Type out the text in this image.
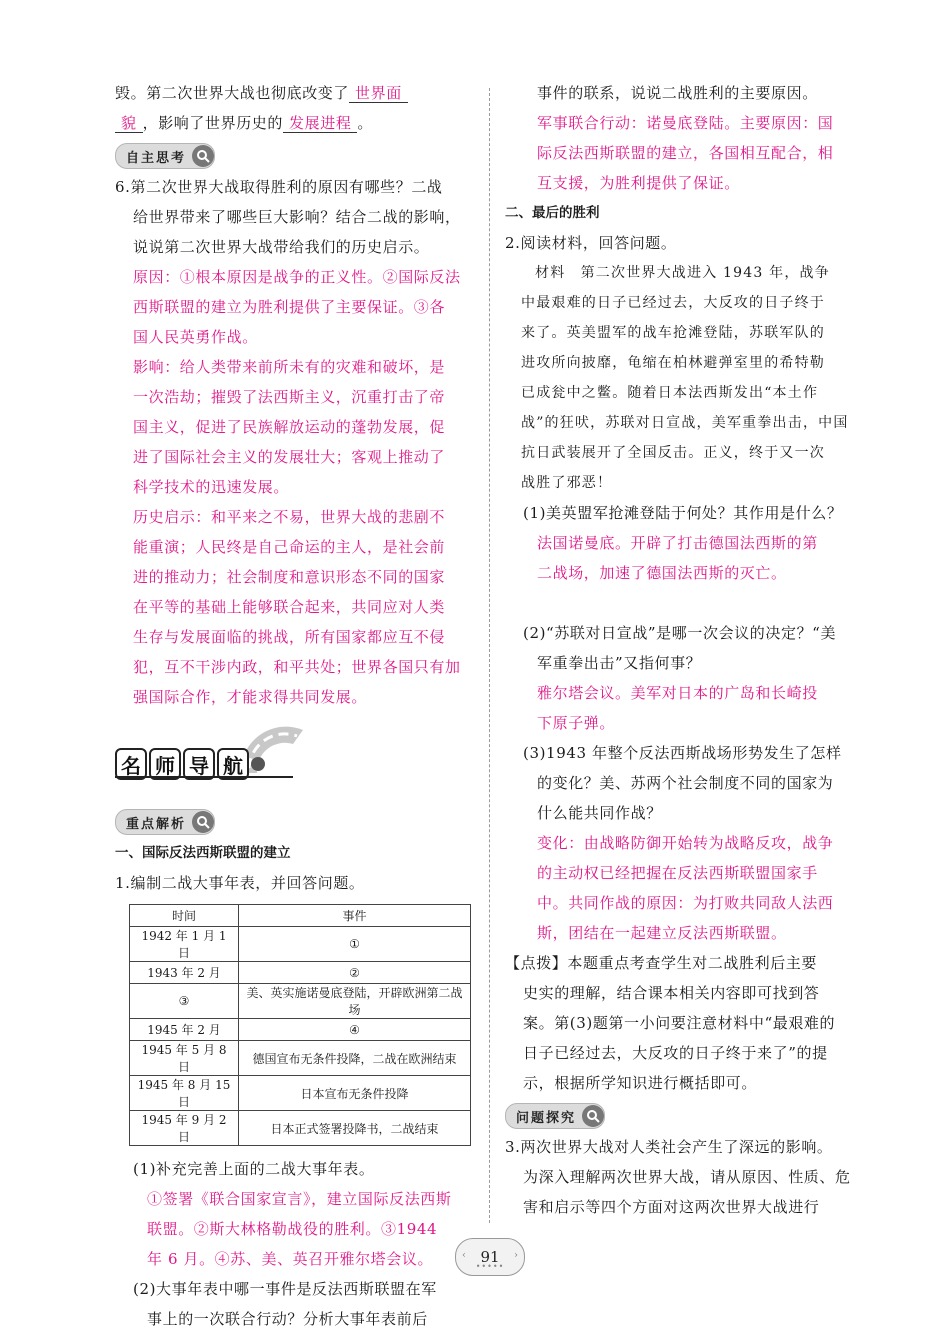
毁。第二次世界大战也彻底改变了 世界面
貌 ，影响了世界历史的 发展进程 。

自主思考

6.第二次世界大战取得胜利的原因有哪些？二战

给世界带来了哪些巨大影响？结合二战的影响，

说说第二次世界大战带给我们的历史启示。

原因：①根本原因是战争的正义性。②国际反法

西斯联盟的建立为胜利提供了主要保证。③各

国人民英勇作战。

影响：给人类带来前所未有的灾难和破坏，是

一次浩劫；摧毁了法西斯主义，沉重打击了帝

国主义，促进了民族解放运动的蓬勃发展，促

进了国际社会主义的发展壮大；客观上推动了

科学技术的迅速发展。

历史启示：和平来之不易，世界大战的悲剧不

能重演；人民终是自己命运的主人，是社会前

进的推动力；社会制度和意识形态不同的国家

在平等的基础上能够联合起来，共同应对人类

生存与发展面临的挑战，所有国家都应互不侵

犯，互不干涉内政，和平共处；世界各国只有加

强国际合作，才能求得共同发展。

名 师 导 航
重点解析

一、国际反法西斯联盟的建立

1.编制二战大事年表，并回答问题。

时间	事件
1942 年 1 月 1 日	①
1943 年 2 月	②
③	美、英实施诺曼底登陆，开辟欧洲第二战场
1945 年 2 月	④
1945 年 5 月 8 日	德国宣布无条件投降，二战在欧洲结束
1945 年 8 月 15 日	日本宣布无条件投降
1945 年 9 月 2 日	日本正式签署投降书，二战结束

(1)补充完善上面的二战大事年表。

①签署《联合国家宣言》，建立国际反法西斯

联盟。②斯大林格勒战役的胜利。③1944

年 6 月。④苏、美、英召开雅尔塔会议。

(2)大事年表中哪一事件是反法西斯联盟在军

事上的一次联合行动？分析大事年表前后

事件的联系，说说二战胜利的主要原因。

军事联合行动：诺曼底登陆。主要原因：国

际反法西斯联盟的建立，各国相互配合，相

互支援，为胜利提供了保证。

二、最后的胜利

2.阅读材料，回答问题。

材料　第二次世界大战进入 1943 年，战争

中最艰难的日子已经过去，大反攻的日子终于

来了。英美盟军的战车抢滩登陆，苏联军队的

进攻所向披靡，龟缩在柏林避弹室里的希特勒

已成瓮中之鳖。随着日本法西斯发出“本土作

战”的狂吠，苏联对日宣战，美军重拳出击，中国

抗日武装展开了全国反击。正义，终于又一次

战胜了邪恶！

(1)美英盟军抢滩登陆于何处？其作用是什么？

法国诺曼底。开辟了打击德国法西斯的第

二战场，加速了德国法西斯的灭亡。

(2)“苏联对日宣战”是哪一次会议的决定？“美

军重拳出击”又指何事？

雅尔塔会议。美军对日本的广岛和长崎投

下原子弹。

(3)1943 年整个反法西斯战场形势发生了怎样

的变化？美、苏两个社会制度不同的国家为

什么能共同作战？

变化：由战略防御开始转为战略反攻，战争

的主动权已经把握在反法西斯联盟国家手

中。共同作战的原因：为打败共同敌人法西

斯，团结在一起建立反法西斯联盟。

【点拨】本题重点考查学生对二战胜利后主要

史实的理解，结合课本相关内容即可找到答

案。第(3)题第一小问要注意材料中“最艰难的

日子已经过去，大反攻的日子终于来了”的提

示，根据所学知识进行概括即可。

问题探究

3.两次世界大战对人类社会产生了深远的影响。

为深入理解两次世界大战，请从原因、性质、危

害和启示等四个方面对这两次世界大战进行

‹ 91 ›
•••••
